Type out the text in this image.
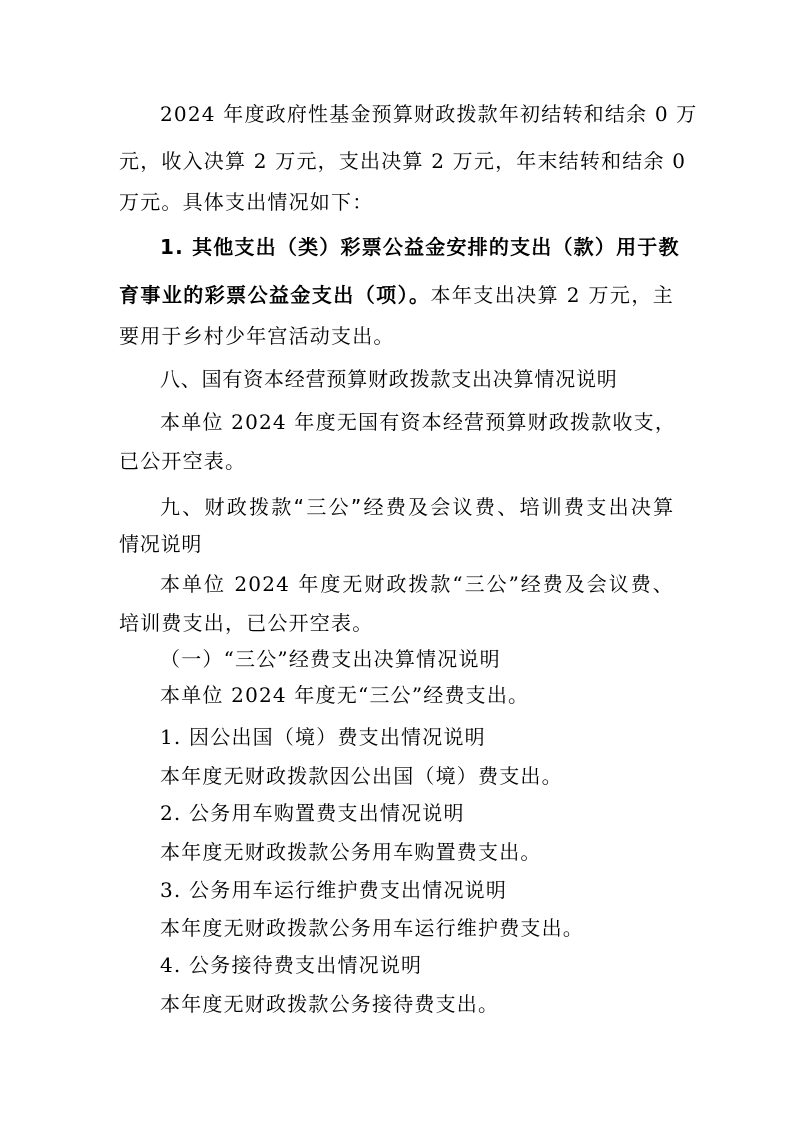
2024 年度政府性基金预算财政拨款年初结转和结余 0 万
元，收入决算 2 万元，支出决算 2 万元，年末结转和结余 0
万元。具体支出情况如下：
1. 其他支出（类）彩票公益金安排的支出（款）用于教
育事业的彩票公益金支出（项）。本年支出决算 2 万元，主
要用于乡村少年宫活动支出。
八、国有资本经营预算财政拨款支出决算情况说明
本单位 2024 年度无国有资本经营预算财政拨款收支，
已公开空表。
九、财政拨款“三公”经费及会议费、培训费支出决算
情况说明
本单位 2024 年度无财政拨款“三公”经费及会议费、
培训费支出，已公开空表。
（一）“三公”经费支出决算情况说明
本单位 2024 年度无“三公”经费支出。
1. 因公出国（境）费支出情况说明
本年度无财政拨款因公出国（境）费支出。
2. 公务用车购置费支出情况说明
本年度无财政拨款公务用车购置费支出。
3. 公务用车运行维护费支出情况说明
本年度无财政拨款公务用车运行维护费支出。
4. 公务接待费支出情况说明
本年度无财政拨款公务接待费支出。
